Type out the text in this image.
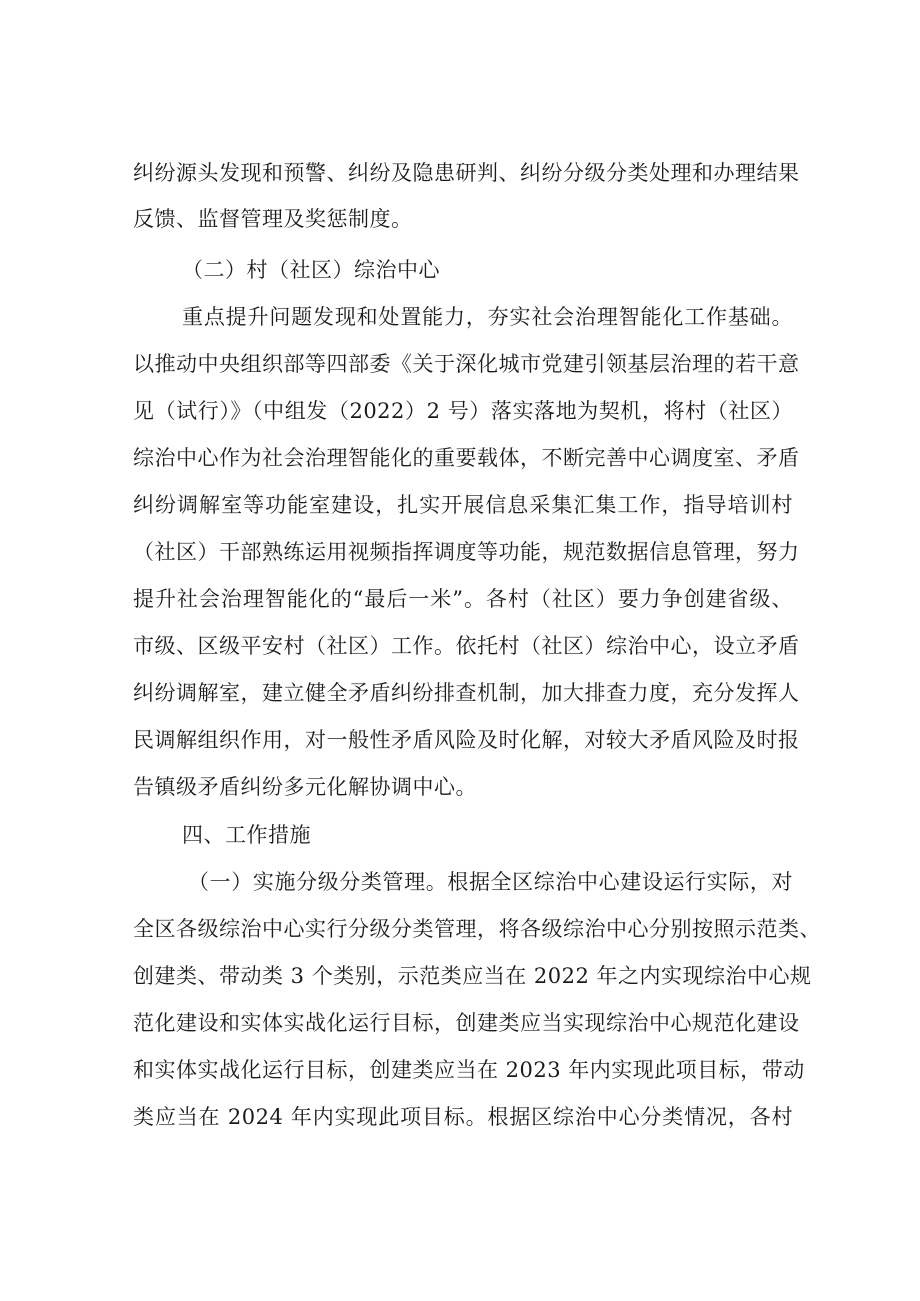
纠纷源头发现和预警、纠纷及隐患研判、纠纷分级分类处理和办理结果
反馈、监督管理及奖惩制度。
（二）村（社区）综治中心
重点提升问题发现和处置能力，夯实社会治理智能化工作基础。
以推动中央组织部等四部委《关于深化城市党建引领基层治理的若干意
见（试行）》（中组发（2022）2 号）落实落地为契机，将村（社区）
综治中心作为社会治理智能化的重要载体，不断完善中心调度室、矛盾
纠纷调解室等功能室建设，扎实开展信息采集汇集工作，指导培训村
（社区）干部熟练运用视频指挥调度等功能，规范数据信息管理，努力
提升社会治理智能化的“最后一米”。各村（社区）要力争创建省级、
市级、区级平安村（社区）工作。依托村（社区）综治中心，设立矛盾
纠纷调解室，建立健全矛盾纠纷排查机制，加大排查力度，充分发挥人
民调解组织作用，对一般性矛盾风险及时化解，对较大矛盾风险及时报
告镇级矛盾纠纷多元化解协调中心。
四、工作措施
（一）实施分级分类管理。根据全区综治中心建设运行实际，对
全区各级综治中心实行分级分类管理，将各级综治中心分别按照示范类、
创建类、带动类 3 个类别，示范类应当在 2022 年之内实现综治中心规
范化建设和实体实战化运行目标，创建类应当实现综治中心规范化建设
和实体实战化运行目标，创建类应当在 2023 年内实现此项目标，带动
类应当在 2024 年内实现此项目标。根据区综治中心分类情况，各村
